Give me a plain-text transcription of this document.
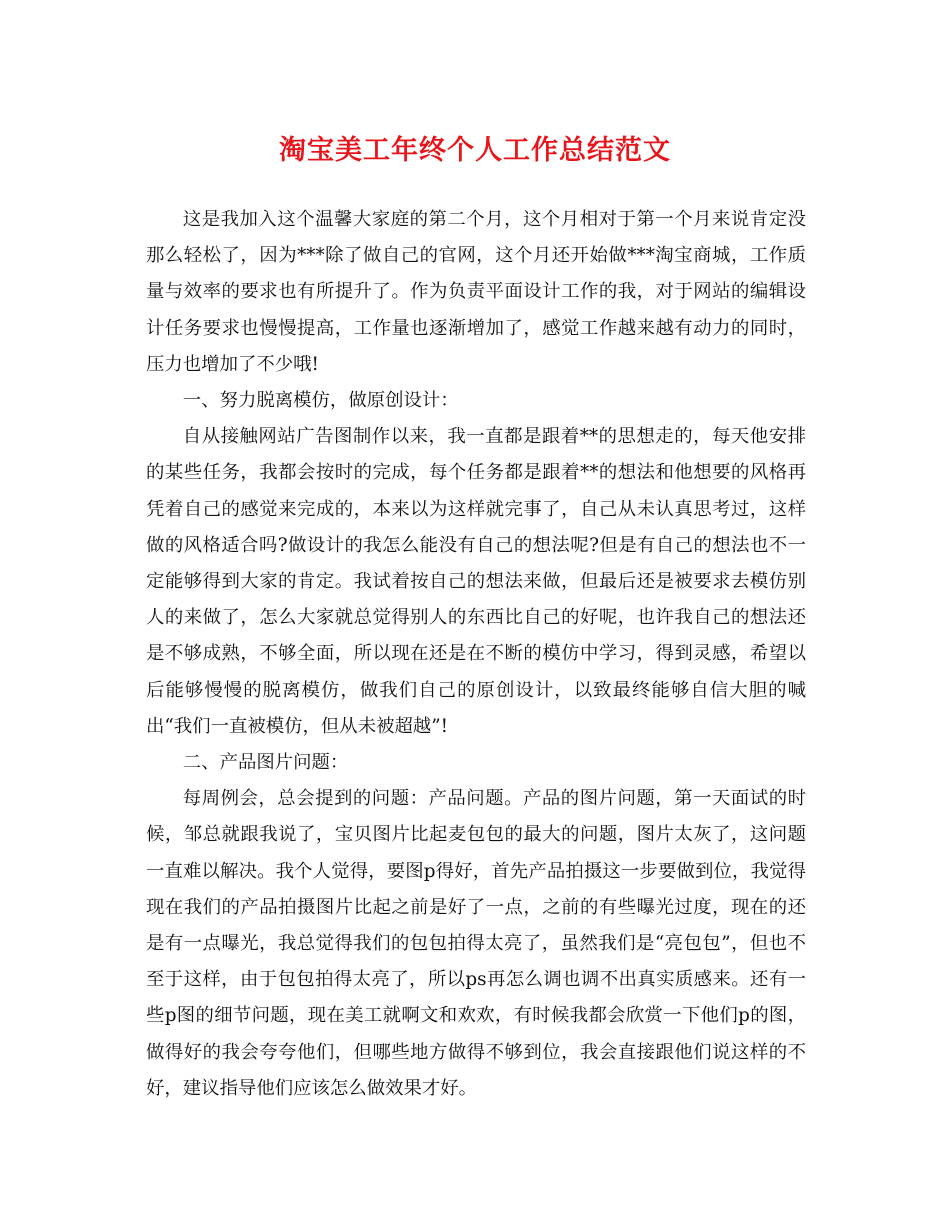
淘宝美工年终个人工作总结范文

这是我加入这个温馨大家庭的第二个月，这个月相对于第一个月来说肯定没那么轻松了，因为***除了做自己的官网，这个月还开始做***淘宝商城，工作质量与效率的要求也有所提升了。作为负责平面设计工作的我，对于网站的编辑设计任务要求也慢慢提高，工作量也逐渐增加了，感觉工作越来越有动力的同时，压力也增加了不少哦!

一、努力脱离模仿，做原创设计：

自从接触网站广告图制作以来，我一直都是跟着**的思想走的，每天他安排的某些任务，我都会按时的完成，每个任务都是跟着**的想法和他想要的风格再凭着自己的感觉来完成的，本来以为这样就完事了，自己从未认真思考过，这样做的风格适合吗?做设计的我怎么能没有自己的想法呢?但是有自己的想法也不一定能够得到大家的肯定。我试着按自己的想法来做，但最后还是被要求去模仿别人的来做了，怎么大家就总觉得别人的东西比自己的好呢，也许我自己的想法还是不够成熟，不够全面，所以现在还是在不断的模仿中学习，得到灵感，希望以后能够慢慢的脱离模仿，做我们自己的原创设计，以致最终能够自信大胆的喊出“我们一直被模仿，但从未被超越”!

二、产品图片问题：

每周例会，总会提到的问题：产品问题。产品的图片问题，第一天面试的时候，邹总就跟我说了，宝贝图片比起麦包包的最大的问题，图片太灰了，这问题一直难以解决。我个人觉得，要图p得好，首先产品拍摄这一步要做到位，我觉得现在我们的产品拍摄图片比起之前是好了一点，之前的有些曝光过度，现在的还是有一点曝光，我总觉得我们的包包拍得太亮了，虽然我们是“亮包包”，但也不至于这样，由于包包拍得太亮了，所以ps再怎么调也调不出真实质感来。还有一些p图的细节问题，现在美工就啊文和欢欢，有时候我都会欣赏一下他们p的图，做得好的我会夸夸他们，但哪些地方做得不够到位，我会直接跟他们说这样的不好，建议指导他们应该怎么做效果才好。
